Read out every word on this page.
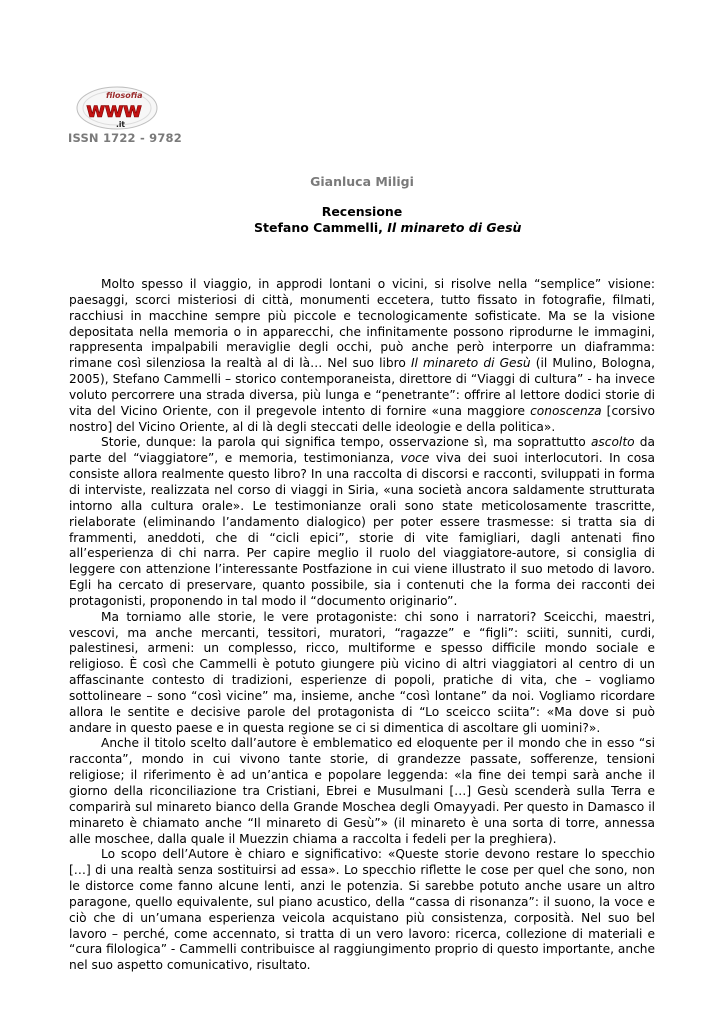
filosofia
www
.it
ISSN 1722 - 9782
Gianluca Miligi
Recensione
Stefano Cammelli, Il minareto di Gesù

Molto spesso il viaggio, in approdi lontani o vicini, si risolve nella “semplice” visione: paesaggi, scorci misteriosi di città, monumenti eccetera, tutto fissato in fotografie, filmati, racchiusi in macchine sempre più piccole e tecnologicamente sofisticate. Ma se la visione depositata nella memoria o in apparecchi, che infinitamente possono riprodurne le immagini, rappresenta impalpabili meraviglie degli occhi, può anche però interporre un diaframma: rimane così silenziosa la realtà al di là… Nel suo libro Il minareto di Gesù (il Mulino, Bologna, 2005), Stefano Cammelli – storico contemporaneista, direttore di “Viaggi di cultura” - ha invece voluto percorrere una strada diversa, più lunga e “penetrante”: offrire al lettore dodici storie di vita del Vicino Oriente, con il pregevole intento di fornire «una maggiore conoscenza [corsivo nostro] del Vicino Oriente, al di là degli steccati delle ideologie e della politica».

Storie, dunque: la parola qui significa tempo, osservazione sì, ma soprattutto ascolto da parte del “viaggiatore”, e memoria, testimonianza, voce viva dei suoi interlocutori. In cosa consiste allora realmente questo libro? In una raccolta di discorsi e racconti, sviluppati in forma di interviste, realizzata nel corso di viaggi in Siria, «una società ancora saldamente strutturata intorno alla cultura orale». Le testimonianze orali sono state meticolosamente trascritte, rielaborate (eliminando l’andamento dialogico) per poter essere trasmesse: si tratta sia di frammenti, aneddoti, che di “cicli epici”, storie di vite famigliari, dagli antenati fino all’esperienza di chi narra. Per capire meglio il ruolo del viaggiatore-autore, si consiglia di leggere con attenzione l’interessante Postfazione in cui viene illustrato il suo metodo di lavoro. Egli ha cercato di preservare, quanto possibile, sia i contenuti che la forma dei racconti dei protagonisti, proponendo in tal modo il “documento originario”.

Ma torniamo alle storie, le vere protagoniste: chi sono i narratori? Sceicchi, maestri, vescovi, ma anche mercanti, tessitori, muratori, “ragazze” e “figli”: sciiti, sunniti, curdi, palestinesi, armeni: un complesso, ricco, multiforme e spesso difficile mondo sociale e religioso. È così che Cammelli è potuto giungere più vicino di altri viaggiatori al centro di un affascinante contesto di tradizioni, esperienze di popoli, pratiche di vita, che – vogliamo sottolineare – sono “così vicine” ma, insieme, anche “così lontane” da noi. Vogliamo ricordare allora le sentite e decisive parole del protagonista di “Lo sceicco sciita”: «Ma dove si può andare in questo paese e in questa regione se ci si dimentica di ascoltare gli uomini?».

Anche il titolo scelto dall’autore è emblematico ed eloquente per il mondo che in esso “si racconta”, mondo in cui vivono tante storie, di grandezze passate, sofferenze, tensioni religiose; il riferimento è ad un’antica e popolare leggenda: «la fine dei tempi sarà anche il giorno della riconciliazione tra Cristiani, Ebrei e Musulmani […] Gesù scenderà sulla Terra e comparirà sul minareto bianco della Grande Moschea degli Omayyadi. Per questo in Damasco il minareto è chiamato anche “Il minareto di Gesù”» (il minareto è una sorta di torre, annessa alle moschee, dalla quale il Muezzin chiama a raccolta i fedeli per la preghiera).

Lo scopo dell’Autore è chiaro e significativo: «Queste storie devono restare lo specchio […] di una realtà senza sostituirsi ad essa». Lo specchio riflette le cose per quel che sono, non le distorce come fanno alcune lenti, anzi le potenzia. Si sarebbe potuto anche usare un altro paragone, quello equivalente, sul piano acustico, della “cassa di risonanza”: il suono, la voce e ciò che di un’umana esperienza veicola acquistano più consistenza, corposità. Nel suo bel lavoro – perché, come accennato, si tratta di un vero lavoro: ricerca, collezione di materiali e “cura filologica” - Cammelli contribuisce al raggiungimento proprio di questo importante, anche nel suo aspetto comunicativo, risultato.
